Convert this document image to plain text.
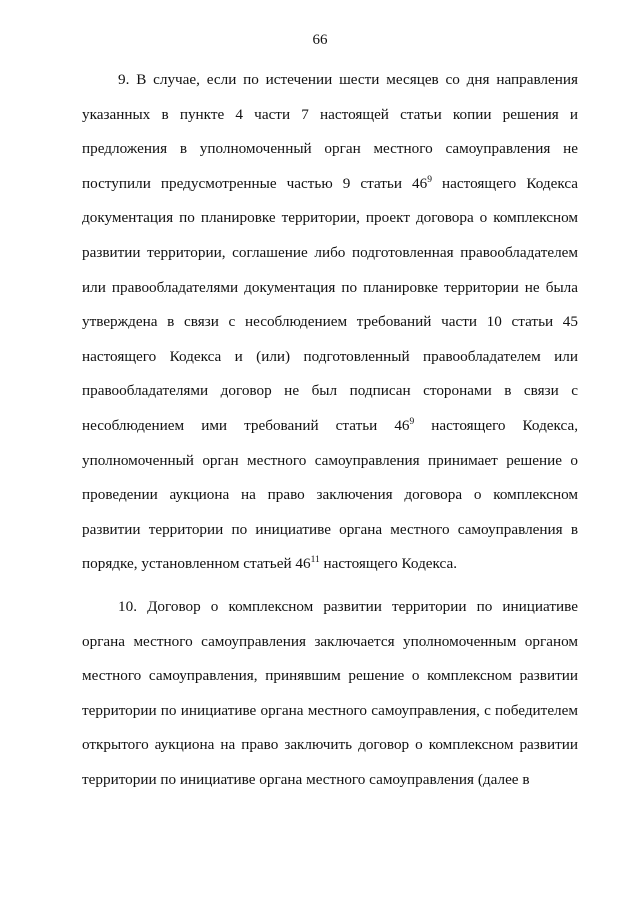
66
9. В случае, если по истечении шести месяцев со дня направления
указанных в пункте 4 части 7 настоящей статьи копии решения и
предложения в уполномоченный орган местного самоуправления не
поступили предусмотренные частью 9 статьи $46^9$ настоящего Кодекса
документация по планировке территории, проект договора о комплексном
развитии территории, соглашение либо подготовленная правообладателем
или правообладателями документация по планировке территории не была
утверждена в связи с несоблюдением требований части 10 статьи 45
настоящего Кодекса и (или) подготовленный правообладателем или
правообладателями договор не был подписан сторонами в связи с
несоблюдением ими требований статьи $46^9$ настоящего Кодекса,
уполномоченный орган местного самоуправления принимает решение о
проведении аукциона на право заключения договора о комплексном
развитии территории по инициативе органа местного самоуправления в
порядке, установленном статьей $46^{11}$ настоящего Кодекса.
10. Договор о комплексном развитии территории по инициативе
органа местного самоуправления заключается уполномоченным органом
местного самоуправления, принявшим решение о комплексном развитии
территории по инициативе органа местного самоуправления, с победителем
открытого аукциона на право заключить договор о комплексном развитии
территории по инициативе органа местного самоуправления (далее в
